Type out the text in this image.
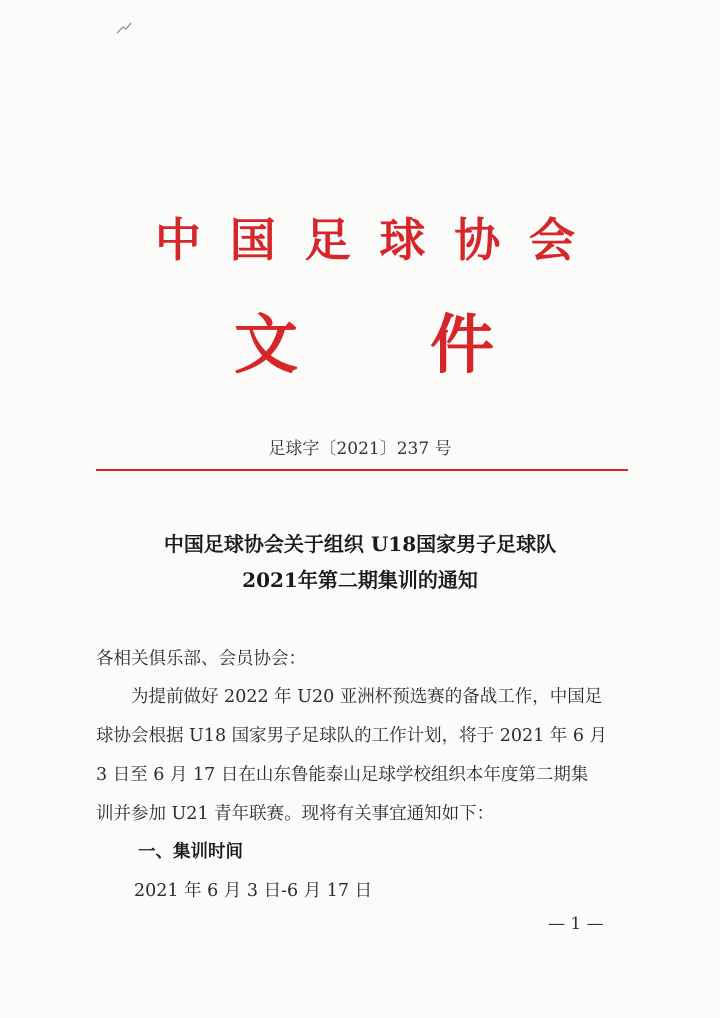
中 国 足 球 协 会
文 件
足球字〔2021〕237 号
中国足球协会关于组织 U18国家男子足球队
2021年第二期集训的通知
各相关俱乐部、会员协会：
　　为提前做好 2022 年 U20 亚洲杯预选赛的备战工作，中国足
球协会根据 U18 国家男子足球队的工作计划，将于 2021 年 6 月
3 日至 6 月 17 日在山东鲁能泰山足球学校组织本年度第二期集
训并参加 U21 青年联赛。现将有关事宜通知如下：
一、集训时间
2021 年 6 月 3 日-6 月 17 日
— 1 —
